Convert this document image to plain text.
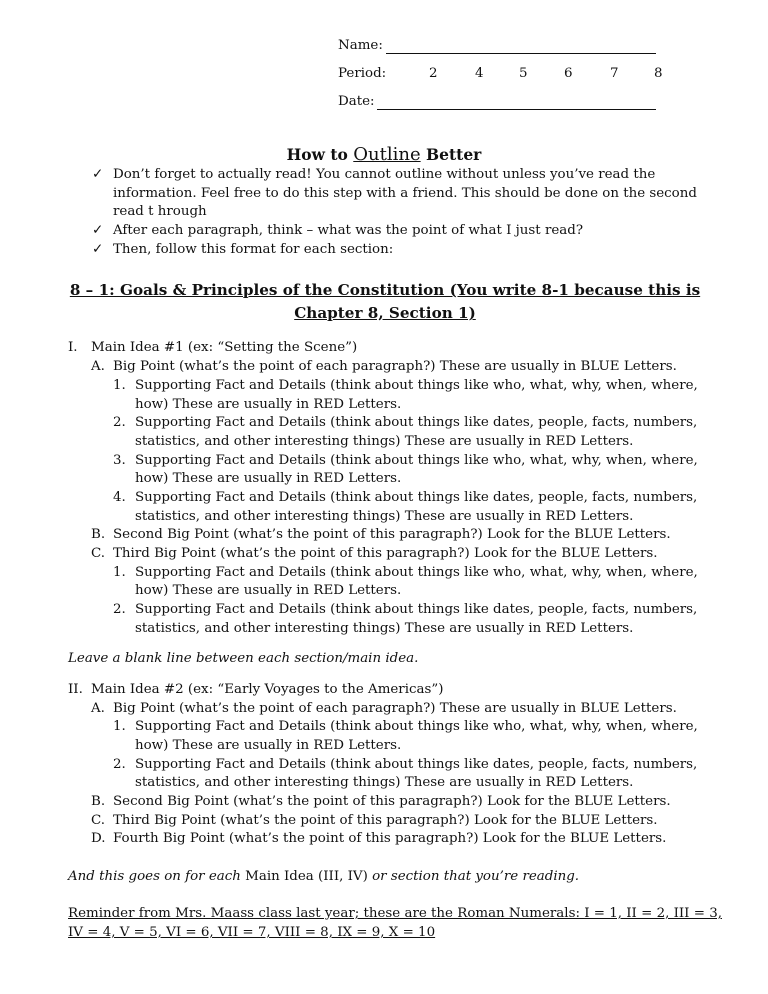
Name:
Period:	2	4	5	6	7	8
Date:
How to Outline Better
✓ Don’t forget to actually read! You cannot outline without unless you’ve read the information. Feel free to do this step with a friend. This should be done on the second read t hrough
✓ After each paragraph, think – what was the point of what I just read?
✓ Then, follow this format for each section:
8 – 1: Goals & Principles of the Constitution (You write 8-1 because this is
Chapter 8, Section 1)
I. Main Idea #1 (ex: “Setting the Scene”)
A. Big Point (what’s the point of each paragraph?) These are usually in BLUE Letters.
1. Supporting Fact and Details (think about things like who, what, why, when, where,
how) These are usually in RED Letters.
2. Supporting Fact and Details (think about things like dates, people, facts, numbers,
statistics, and other interesting things) These are usually in RED Letters.
3. Supporting Fact and Details (think about things like who, what, why, when, where,
how) These are usually in RED Letters.
4. Supporting Fact and Details (think about things like dates, people, facts, numbers,
statistics, and other interesting things) These are usually in RED Letters.
B. Second Big Point (what’s the point of this paragraph?) Look for the BLUE Letters.
C. Third Big Point (what’s the point of this paragraph?) Look for the BLUE Letters.
1. Supporting Fact and Details (think about things like who, what, why, when, where,
how) These are usually in RED Letters.
2. Supporting Fact and Details (think about things like dates, people, facts, numbers,
statistics, and other interesting things) These are usually in RED Letters.
Leave a blank line between each section/main idea.
II. Main Idea #2 (ex: “Early Voyages to the Americas”)
A. Big Point (what’s the point of each paragraph?) These are usually in BLUE Letters.
1. Supporting Fact and Details (think about things like who, what, why, when, where,
how) These are usually in RED Letters.
2. Supporting Fact and Details (think about things like dates, people, facts, numbers,
statistics, and other interesting things) These are usually in RED Letters.
B. Second Big Point (what’s the point of this paragraph?) Look for the BLUE Letters.
C. Third Big Point (what’s the point of this paragraph?) Look for the BLUE Letters.
D. Fourth Big Point (what’s the point of this paragraph?) Look for the BLUE Letters.
And this goes on for each Main Idea (III, IV) or section that you’re reading.
Reminder from Mrs. Maass class last year; these are the Roman Numerals: I = 1, II = 2, III = 3,
IV = 4, V = 5, VI = 6, VII = 7, VIII = 8, IX = 9, X = 10
